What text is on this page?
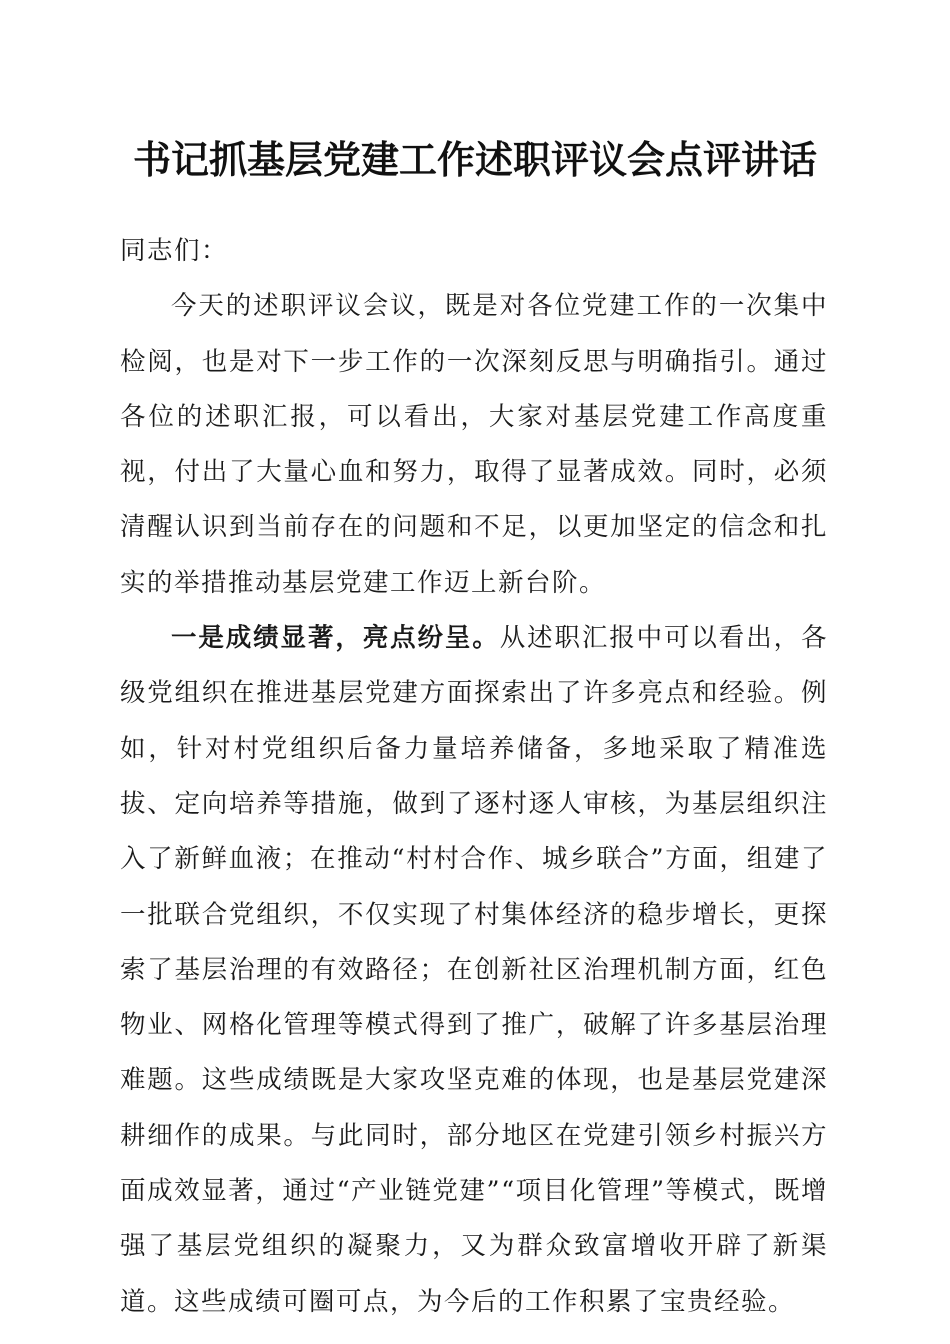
书记抓基层党建工作述职评议会点评讲话

同志们：

今天的述职评议会议，既是对各位党建工作的一次集中检阅，也是对下一步工作的一次深刻反思与明确指引。通过各位的述职汇报，可以看出，大家对基层党建工作高度重视，付出了大量心血和努力，取得了显著成效。同时，必须清醒认识到当前存在的问题和不足，以更加坚定的信念和扎实的举措推动基层党建工作迈上新台阶。

一是成绩显著，亮点纷呈。从述职汇报中可以看出，各级党组织在推进基层党建方面探索出了许多亮点和经验。例如，针对村党组织后备力量培养储备，多地采取了精准选拔、定向培养等措施，做到了逐村逐人审核，为基层组织注入了新鲜血液；在推动“村村合作、城乡联合”方面，组建了一批联合党组织，不仅实现了村集体经济的稳步增长，更探索了基层治理的有效路径；在创新社区治理机制方面，红色物业、网格化管理等模式得到了推广，破解了许多基层治理难题。这些成绩既是大家攻坚克难的体现，也是基层党建深耕细作的成果。与此同时，部分地区在党建引领乡村振兴方面成效显著，通过“产业链党建”“项目化管理”等模式，既增强了基层党组织的凝聚力，又为群众致富增收开辟了新渠道。这些成绩可圈可点，为今后的工作积累了宝贵经验。
